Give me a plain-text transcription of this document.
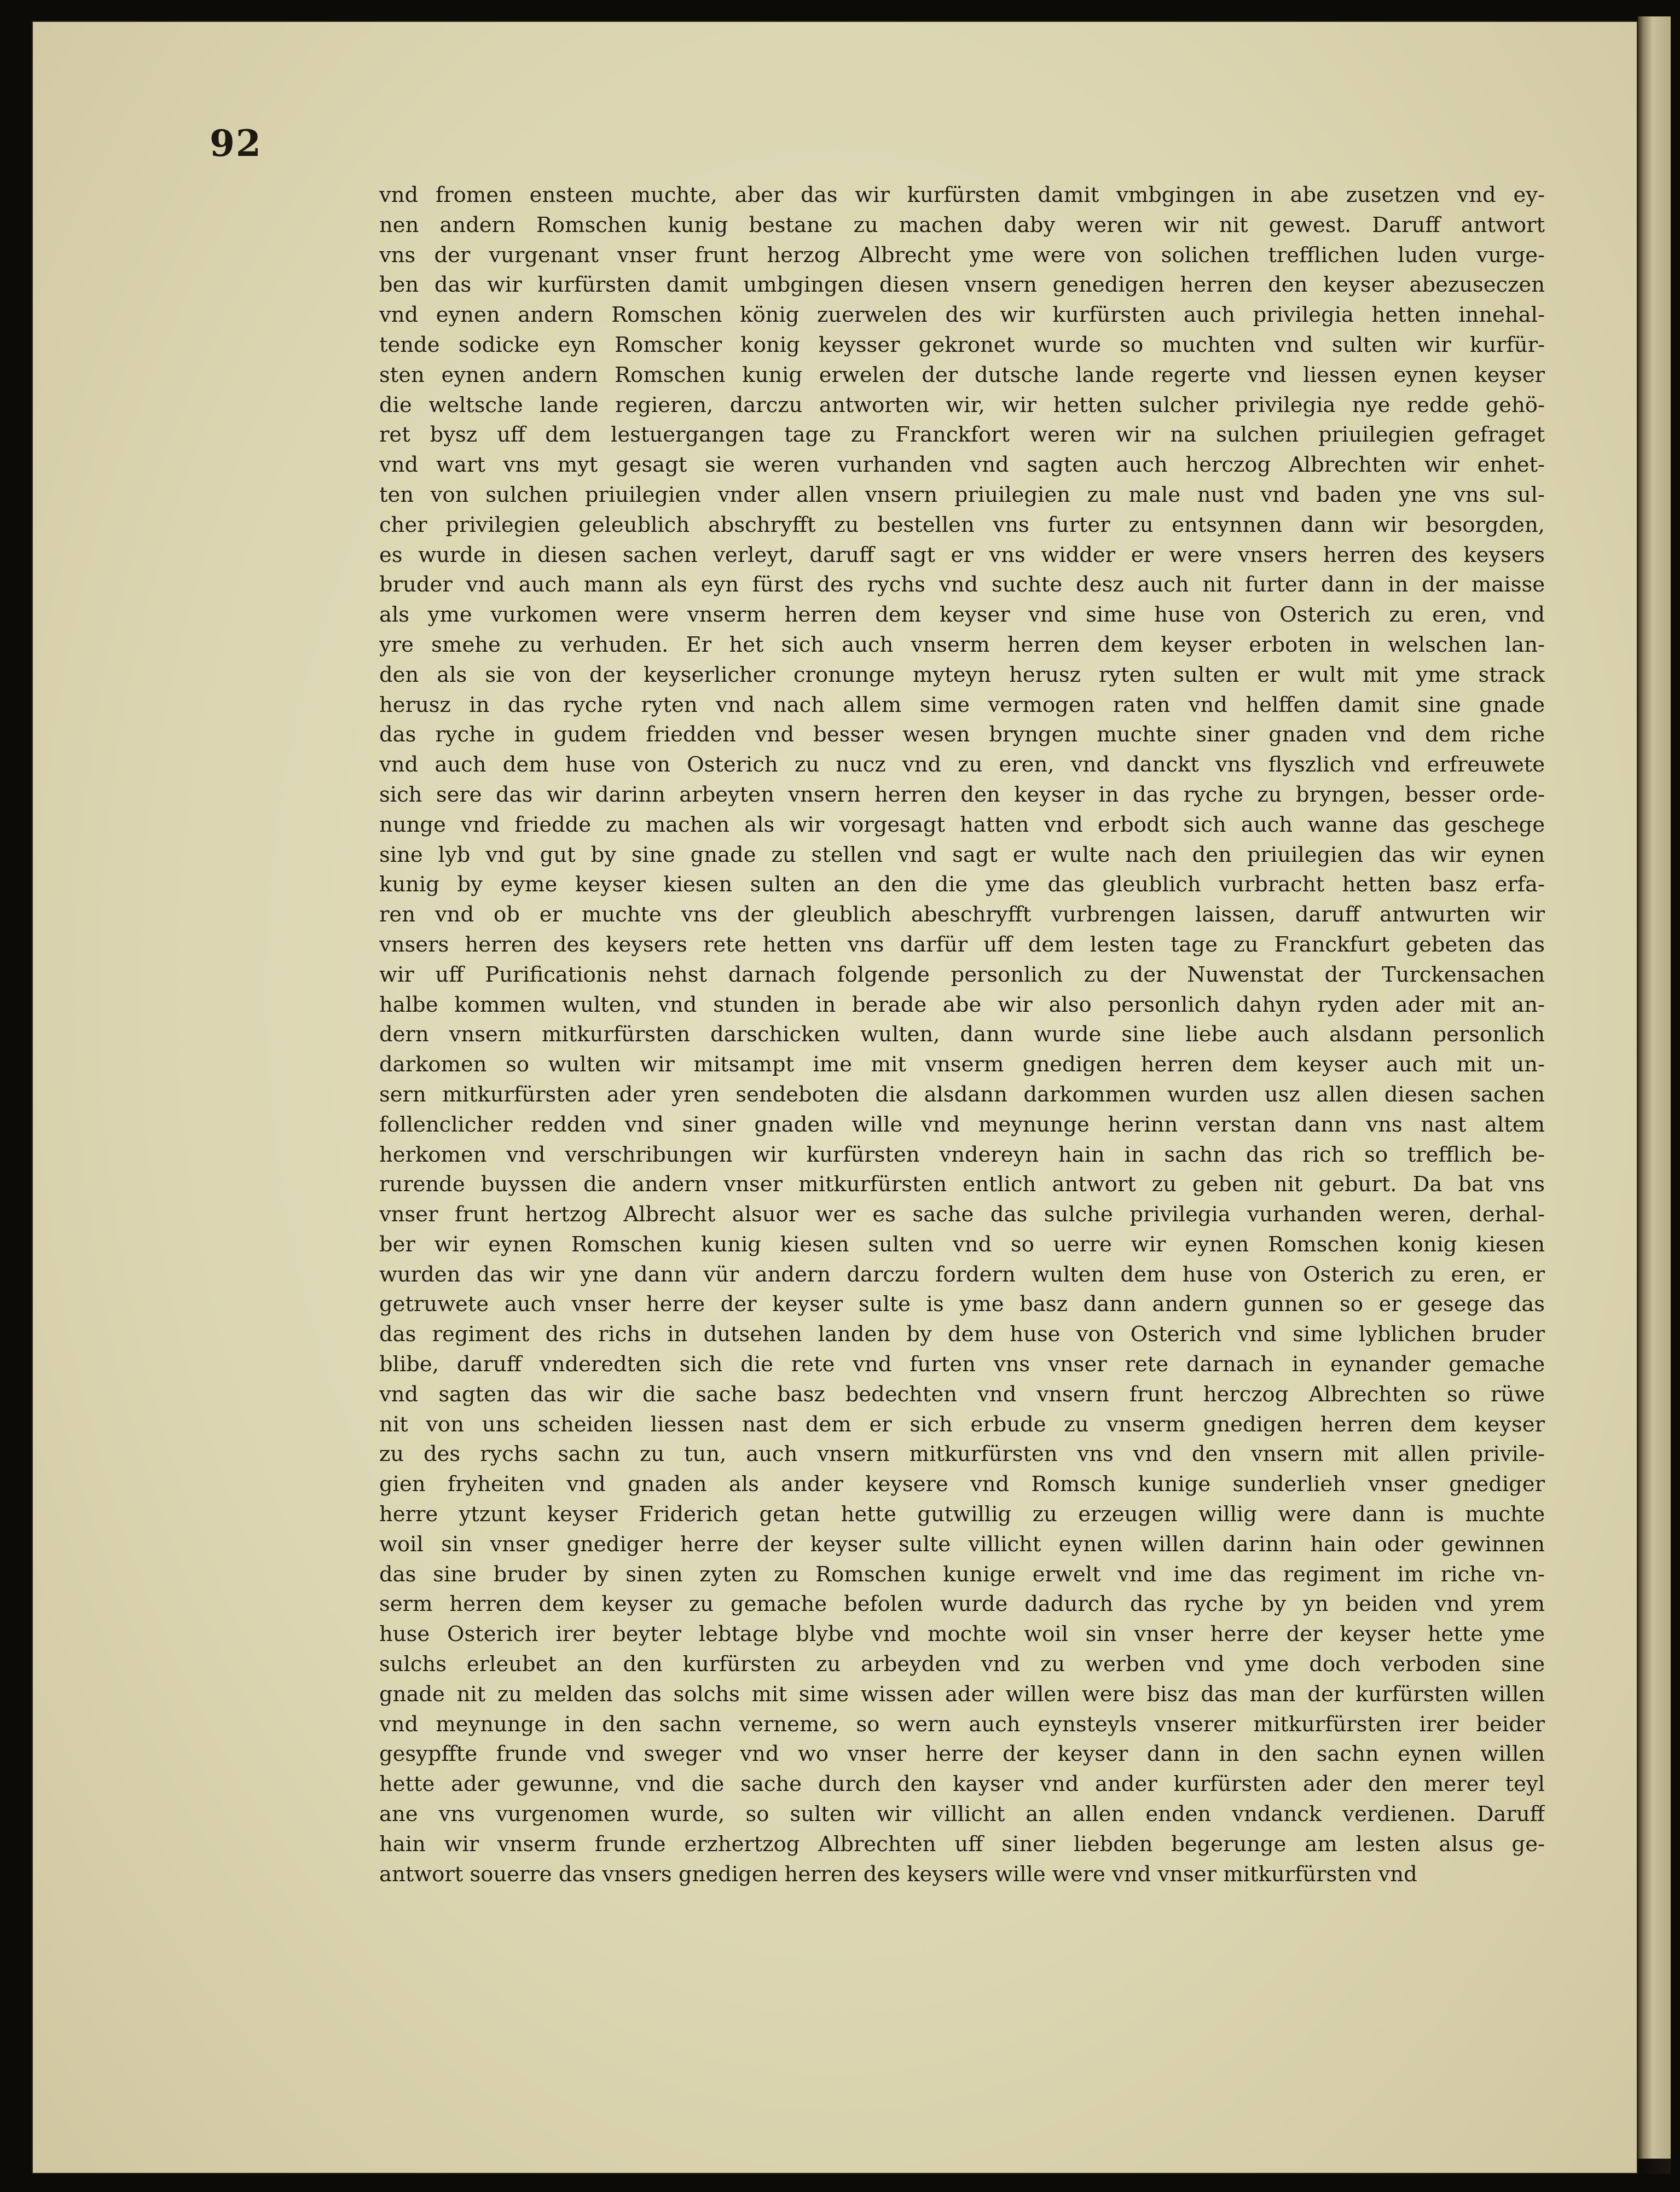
92
vnd fromen ensteen muchte, aber das wir kurfürsten damit vmbgingen in abe zusetzen vnd ey-
nen andern Romschen kunig bestane zu machen daby weren wir nit gewest. Daruff antwort
vns der vurgenant vnser frunt herzog Albrecht yme were von solichen trefflichen luden vurge-
ben das wir kurfürsten damit umbgingen diesen vnsern genedigen herren den keyser abezuseczen
vnd eynen andern Romschen könig zuerwelen des wir kurfürsten auch privilegia hetten innehal-
tende sodicke eyn Romscher konig keysser gekronet wurde so muchten vnd sulten wir kurfür-
sten eynen andern Romschen kunig erwelen der dutsche lande regerte vnd liessen eynen keyser
die weltsche lande regieren, darczu antworten wir, wir hetten sulcher privilegia nye redde gehö-
ret bysz uff dem lestuergangen tage zu Franckfort weren wir na sulchen priuilegien gefraget
vnd wart vns myt gesagt sie weren vurhanden vnd sagten auch herczog Albrechten wir enhet-
ten von sulchen priuilegien vnder allen vnsern priuilegien zu male nust vnd baden yne vns sul-
cher privilegien geleublich abschryfft zu bestellen vns furter zu entsynnen dann wir besorgden,
es wurde in diesen sachen verleyt, daruff sagt er vns widder er were vnsers herren des keysers
bruder vnd auch mann als eyn fürst des rychs vnd suchte desz auch nit furter dann in der maisse
als yme vurkomen were vnserm herren dem keyser vnd sime huse von Osterich zu eren, vnd
yre smehe zu verhuden. Er het sich auch vnserm herren dem keyser erboten in welschen lan-
den als sie von der keyserlicher cronunge myteyn herusz ryten sulten er wult mit yme strack
herusz in das ryche ryten vnd nach allem sime vermogen raten vnd helffen damit sine gnade
das ryche in gudem friedden vnd besser wesen bryngen muchte siner gnaden vnd dem riche
vnd auch dem huse von Osterich zu nucz vnd zu eren, vnd danckt vns flyszlich vnd erfreuwete
sich sere das wir darinn arbeyten vnsern herren den keyser in das ryche zu bryngen, besser orde-
nunge vnd friedde zu machen als wir vorgesagt hatten vnd erbodt sich auch wanne das geschege
sine lyb vnd gut by sine gnade zu stellen vnd sagt er wulte nach den priuilegien das wir eynen
kunig by eyme keyser kiesen sulten an den die yme das gleublich vurbracht hetten basz erfa-
ren vnd ob er muchte vns der gleublich abeschryfft vurbrengen laissen, daruff antwurten wir
vnsers herren des keysers rete hetten vns darfür uff dem lesten tage zu Franckfurt gebeten das
wir uff Purificationis nehst darnach folgende personlich zu der Nuwenstat der Turckensachen
halbe kommen wulten, vnd stunden in berade abe wir also personlich dahyn ryden ader mit an-
dern vnsern mitkurfürsten darschicken wulten, dann wurde sine liebe auch alsdann personlich
darkomen so wulten wir mitsampt ime mit vnserm gnedigen herren dem keyser auch mit un-
sern mitkurfürsten ader yren sendeboten die alsdann darkommen wurden usz allen diesen sachen
follenclicher redden vnd siner gnaden wille vnd meynunge herinn verstan dann vns nast altem
herkomen vnd verschribungen wir kurfürsten vndereyn hain in sachn das rich so trefflich be-
rurende buyssen die andern vnser mitkurfürsten entlich antwort zu geben nit geburt. Da bat vns
vnser frunt hertzog Albrecht alsuor wer es sache das sulche privilegia vurhanden weren, derhal-
ber wir eynen Romschen kunig kiesen sulten vnd so uerre wir eynen Romschen konig kiesen
wurden das wir yne dann vür andern darczu fordern wulten dem huse von Osterich zu eren, er
getruwete auch vnser herre der keyser sulte is yme basz dann andern gunnen so er gesege das
das regiment des richs in dutsehen landen by dem huse von Osterich vnd sime lyblichen bruder
blibe, daruff vnderedten sich die rete vnd furten vns vnser rete darnach in eynander gemache
vnd sagten das wir die sache basz bedechten vnd vnsern frunt herczog Albrechten so rüwe
nit von uns scheiden liessen nast dem er sich erbude zu vnserm gnedigen herren dem keyser
zu des rychs sachn zu tun, auch vnsern mitkurfürsten vns vnd den vnsern mit allen privile-
gien fryheiten vnd gnaden als ander keysere vnd Romsch kunige sunderlieh vnser gnediger
herre ytzunt keyser Friderich getan hette gutwillig zu erzeugen willig were dann is muchte
woil sin vnser gnediger herre der keyser sulte villicht eynen willen darinn hain oder gewinnen
das sine bruder by sinen zyten zu Romschen kunige erwelt vnd ime das regiment im riche vn-
serm herren dem keyser zu gemache befolen wurde dadurch das ryche by yn beiden vnd yrem
huse Osterich irer beyter lebtage blybe vnd mochte woil sin vnser herre der keyser hette yme
sulchs erleubet an den kurfürsten zu arbeyden vnd zu werben vnd yme doch verboden sine
gnade nit zu melden das solchs mit sime wissen ader willen were bisz das man der kurfürsten willen
vnd meynunge in den sachn verneme, so wern auch eynsteyls vnserer mitkurfürsten irer beider
gesypffte frunde vnd sweger vnd wo vnser herre der keyser dann in den sachn eynen willen
hette ader gewunne, vnd die sache durch den kayser vnd ander kurfürsten ader den merer teyl
ane vns vurgenomen wurde, so sulten wir villicht an allen enden vndanck verdienen. Daruff
hain wir vnserm frunde erzhertzog Albrechten uff siner liebden begerunge am lesten alsus ge-
antwort souerre das vnsers gnedigen herren des keysers wille were vnd vnser mitkurfürsten vnd
